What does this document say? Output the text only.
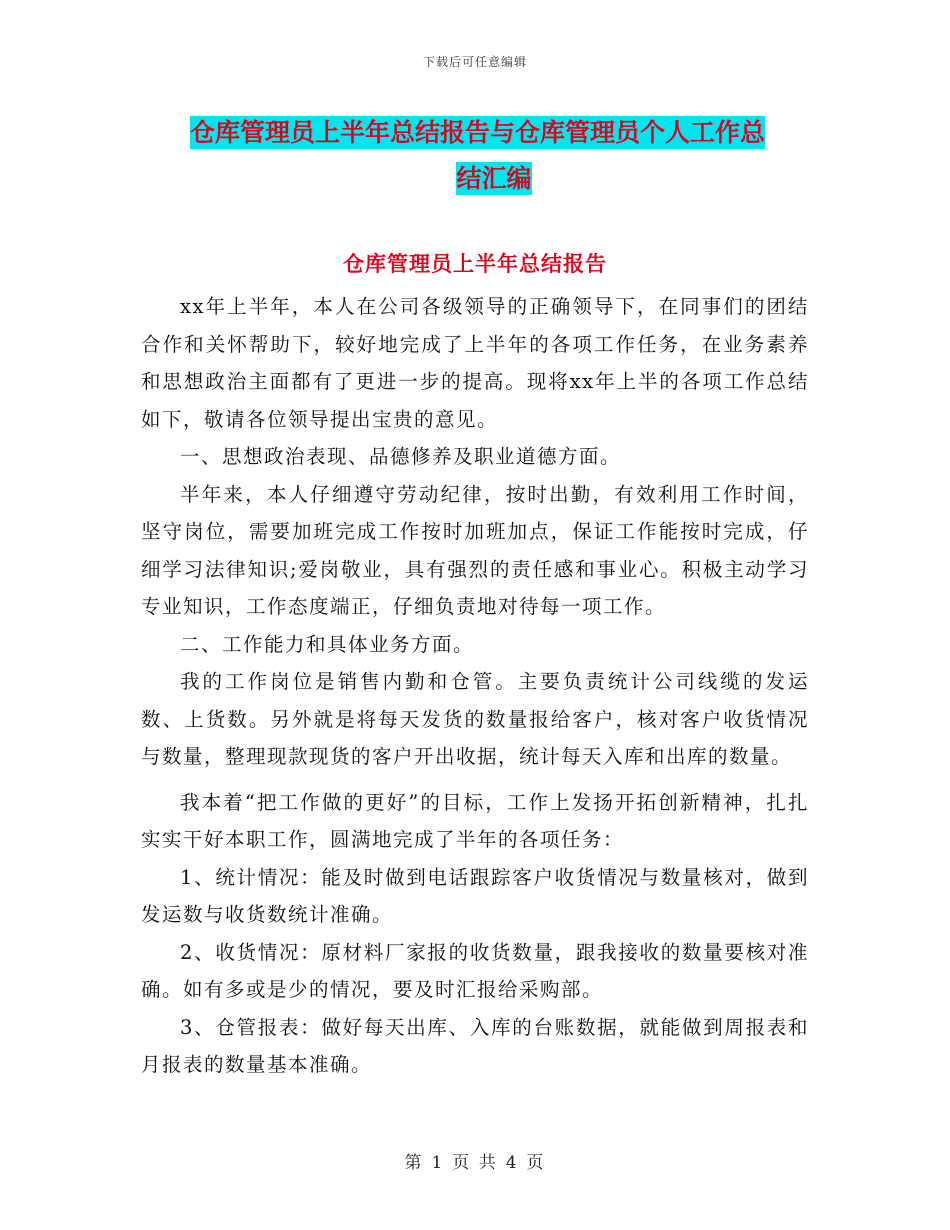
下载后可任意编辑
仓库管理员上半年总结报告与仓库管理员个人工作总
结汇编
仓库管理员上半年总结报告

xx年上半年，本人在公司各级领导的正确领导下，在同事们的团结合作和关怀帮助下，较好地完成了上半年的各项工作任务，在业务素养和思想政治主面都有了更进一步的提高。现将xx年上半的各项工作总结如下，敬请各位领导提出宝贵的意见。

一、思想政治表现、品德修养及职业道德方面。

半年来，本人仔细遵守劳动纪律，按时出勤，有效利用工作时间，坚守岗位，需要加班完成工作按时加班加点，保证工作能按时完成，仔细学习法律知识;爱岗敬业，具有强烈的责任感和事业心。积极主动学习专业知识，工作态度端正，仔细负责地对待每一项工作。

二、工作能力和具体业务方面。

我的工作岗位是销售内勤和仓管。主要负责统计公司线缆的发运数、上货数。另外就是将每天发货的数量报给客户，核对客户收货情况与数量，整理现款现货的客户开出收据，统计每天入库和出库的数量。

我本着“把工作做的更好”的目标，工作上发扬开拓创新精神，扎扎实实干好本职工作，圆满地完成了半年的各项任务：

1、统计情况：能及时做到电话跟踪客户收货情况与数量核对，做到发运数与收货数统计准确。

2、收货情况：原材料厂家报的收货数量，跟我接收的数量要核对准确。如有多或是少的情况，要及时汇报给采购部。

3、仓管报表：做好每天出库、入库的台账数据，就能做到周报表和月报表的数量基本准确。

第 1 页 共 4 页
